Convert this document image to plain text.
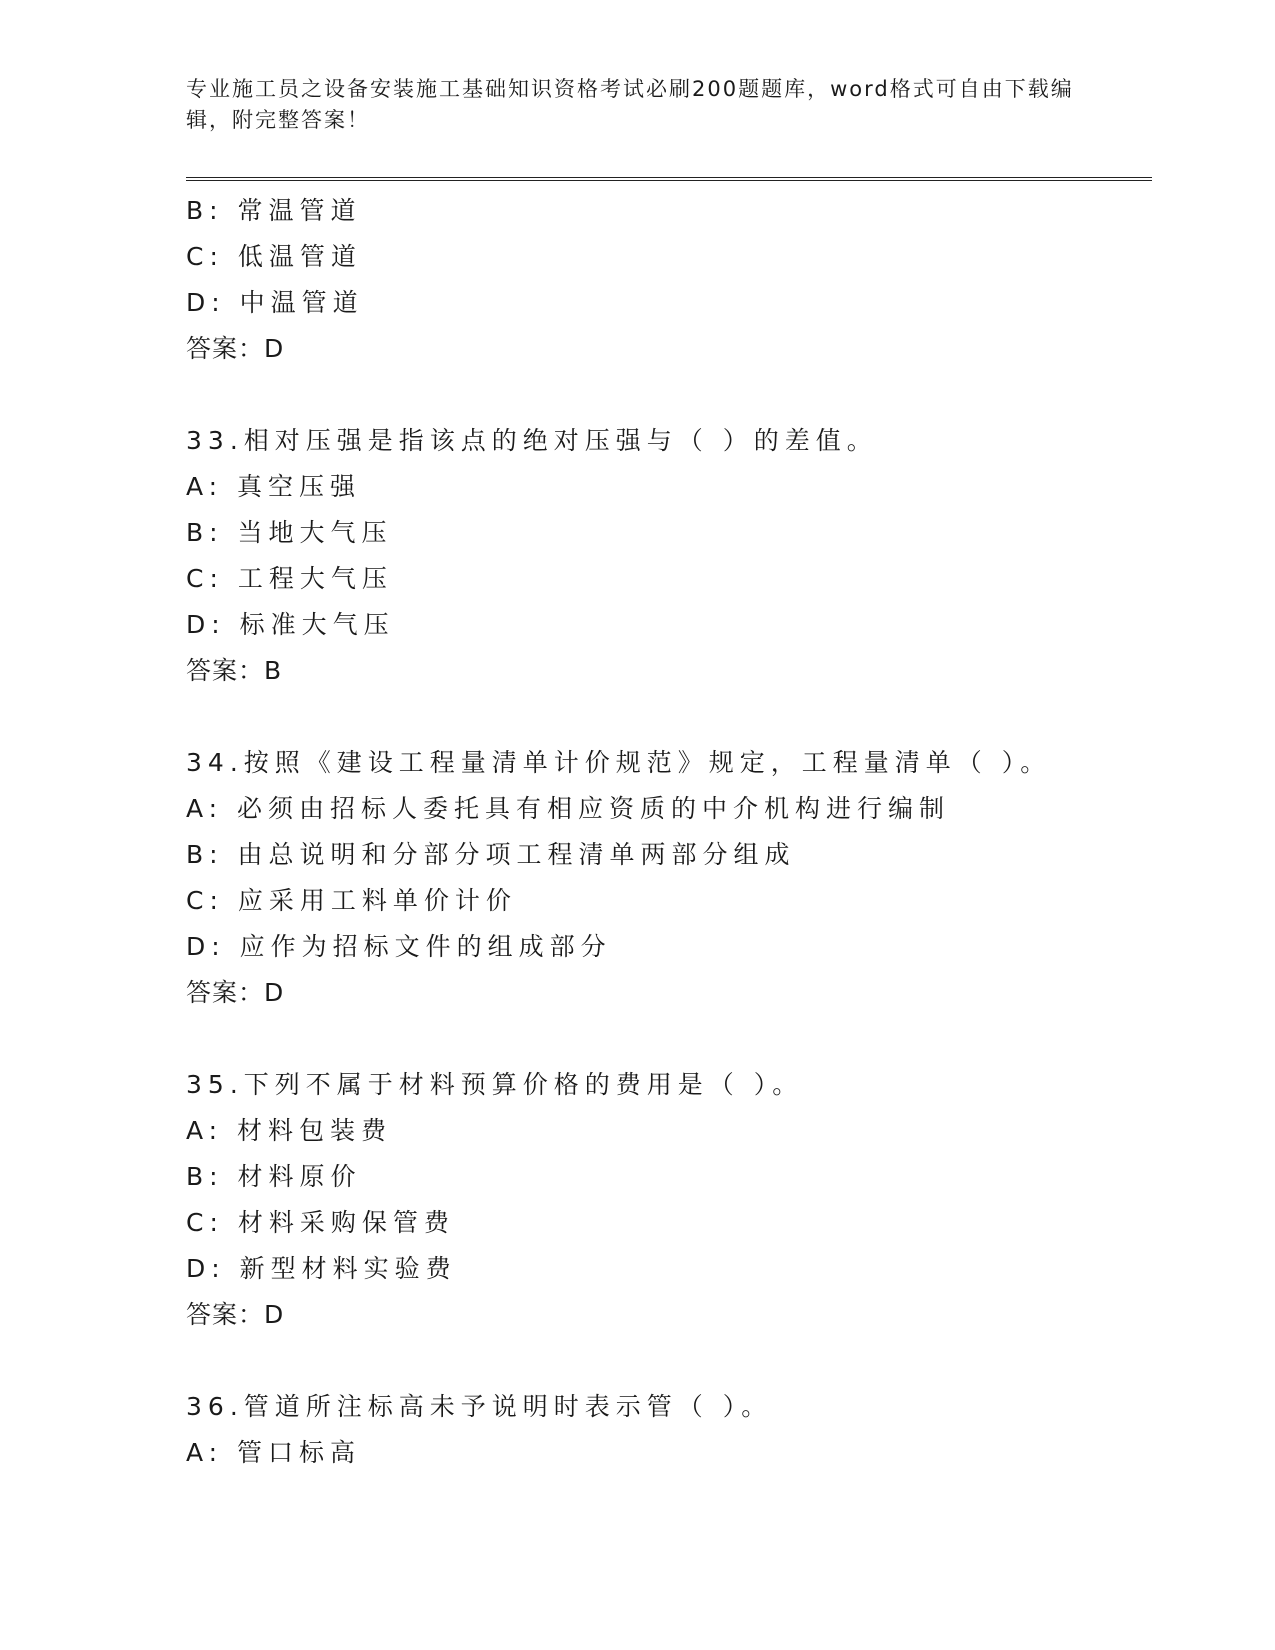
专业施工员之设备安装施工基础知识资格考试必刷200题题库，word格式可自由下载编辑，附完整答案！
B: 常温管道
C: 低温管道
D: 中温管道
答案：D
33.相对压强是指该点的绝对压强与（ ）的差值。
A: 真空压强
B: 当地大气压
C: 工程大气压
D: 标准大气压
答案：B
34.按照《建设工程量清单计价规范》规定，工程量清单（ ）。
A: 必须由招标人委托具有相应资质的中介机构进行编制
B: 由总说明和分部分项工程清单两部分组成
C: 应采用工料单价计价
D: 应作为招标文件的组成部分
答案：D
35.下列不属于材料预算价格的费用是（ ）。
A: 材料包装费
B: 材料原价
C: 材料采购保管费
D: 新型材料实验费
答案：D
36.管道所注标高未予说明时表示管（ ）。
A: 管口标高
